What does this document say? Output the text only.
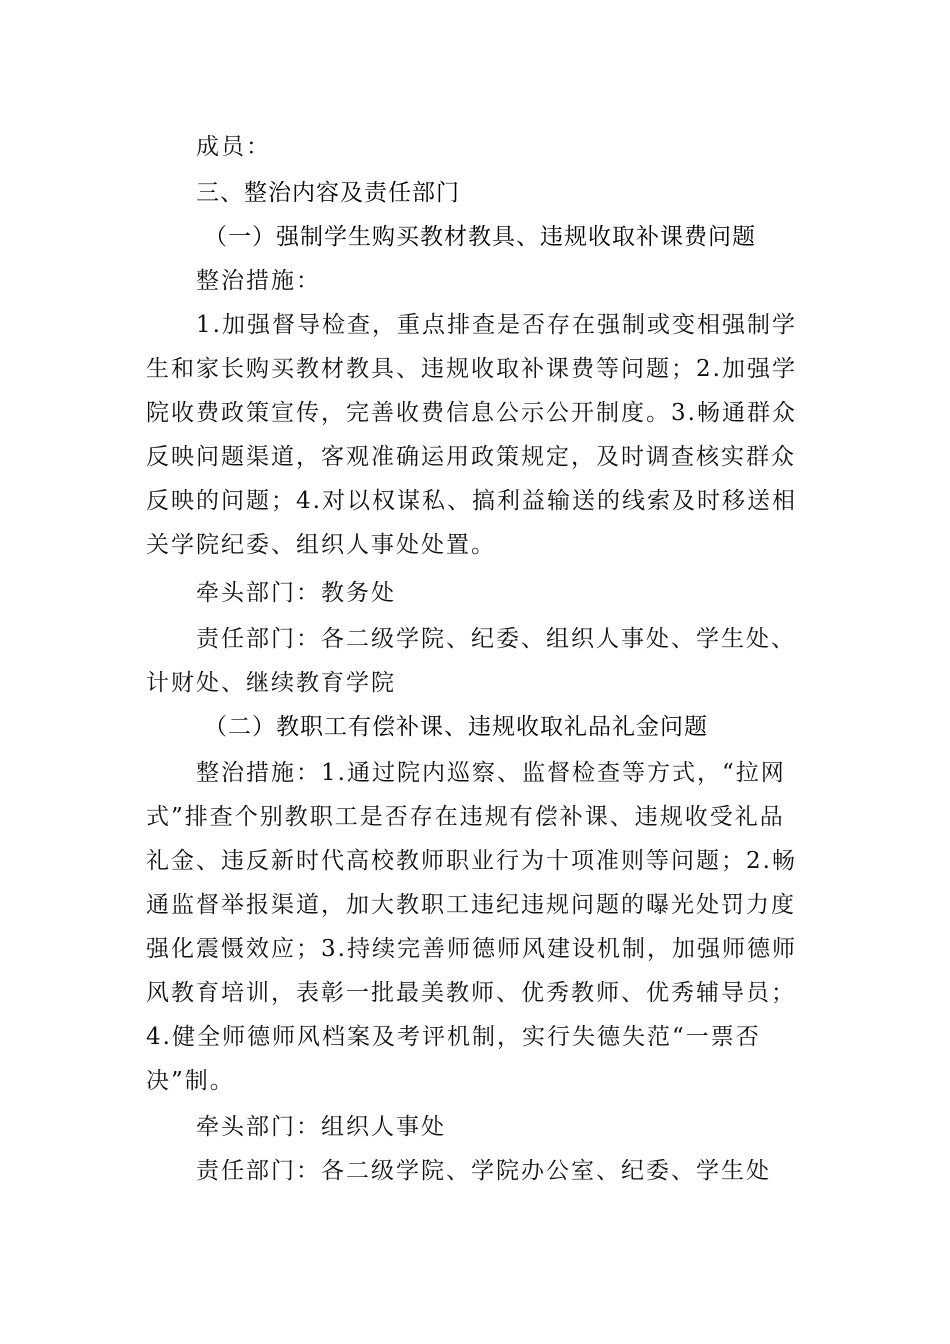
成员：
三、整治内容及责任部门
（一）强制学生购买教材教具、违规收取补课费问题
整治措施：
1.加强督导检查，重点排查是否存在强制或变相强制学
生和家长购买教材教具、违规收取补课费等问题；2.加强学
院收费政策宣传，完善收费信息公示公开制度。3.畅通群众
反映问题渠道，客观准确运用政策规定，及时调查核实群众
反映的问题；4.对以权谋私、搞利益输送的线索及时移送相
关学院纪委、组织人事处处置。
牵头部门：教务处
责任部门：各二级学院、纪委、组织人事处、学生处、
计财处、继续教育学院
（二）教职工有偿补课、违规收取礼品礼金问题
整治措施：1.通过院内巡察、监督检查等方式，“拉网
式”排查个别教职工是否存在违规有偿补课、违规收受礼品
礼金、违反新时代高校教师职业行为十项准则等问题；2.畅
通监督举报渠道，加大教职工违纪违规问题的曝光处罚力度
强化震慑效应；3.持续完善师德师风建设机制，加强师德师
风教育培训，表彰一批最美教师、优秀教师、优秀辅导员；
4.健全师德师风档案及考评机制，实行失德失范“一票否
决”制。
牵头部门：组织人事处
责任部门：各二级学院、学院办公室、纪委、学生处
